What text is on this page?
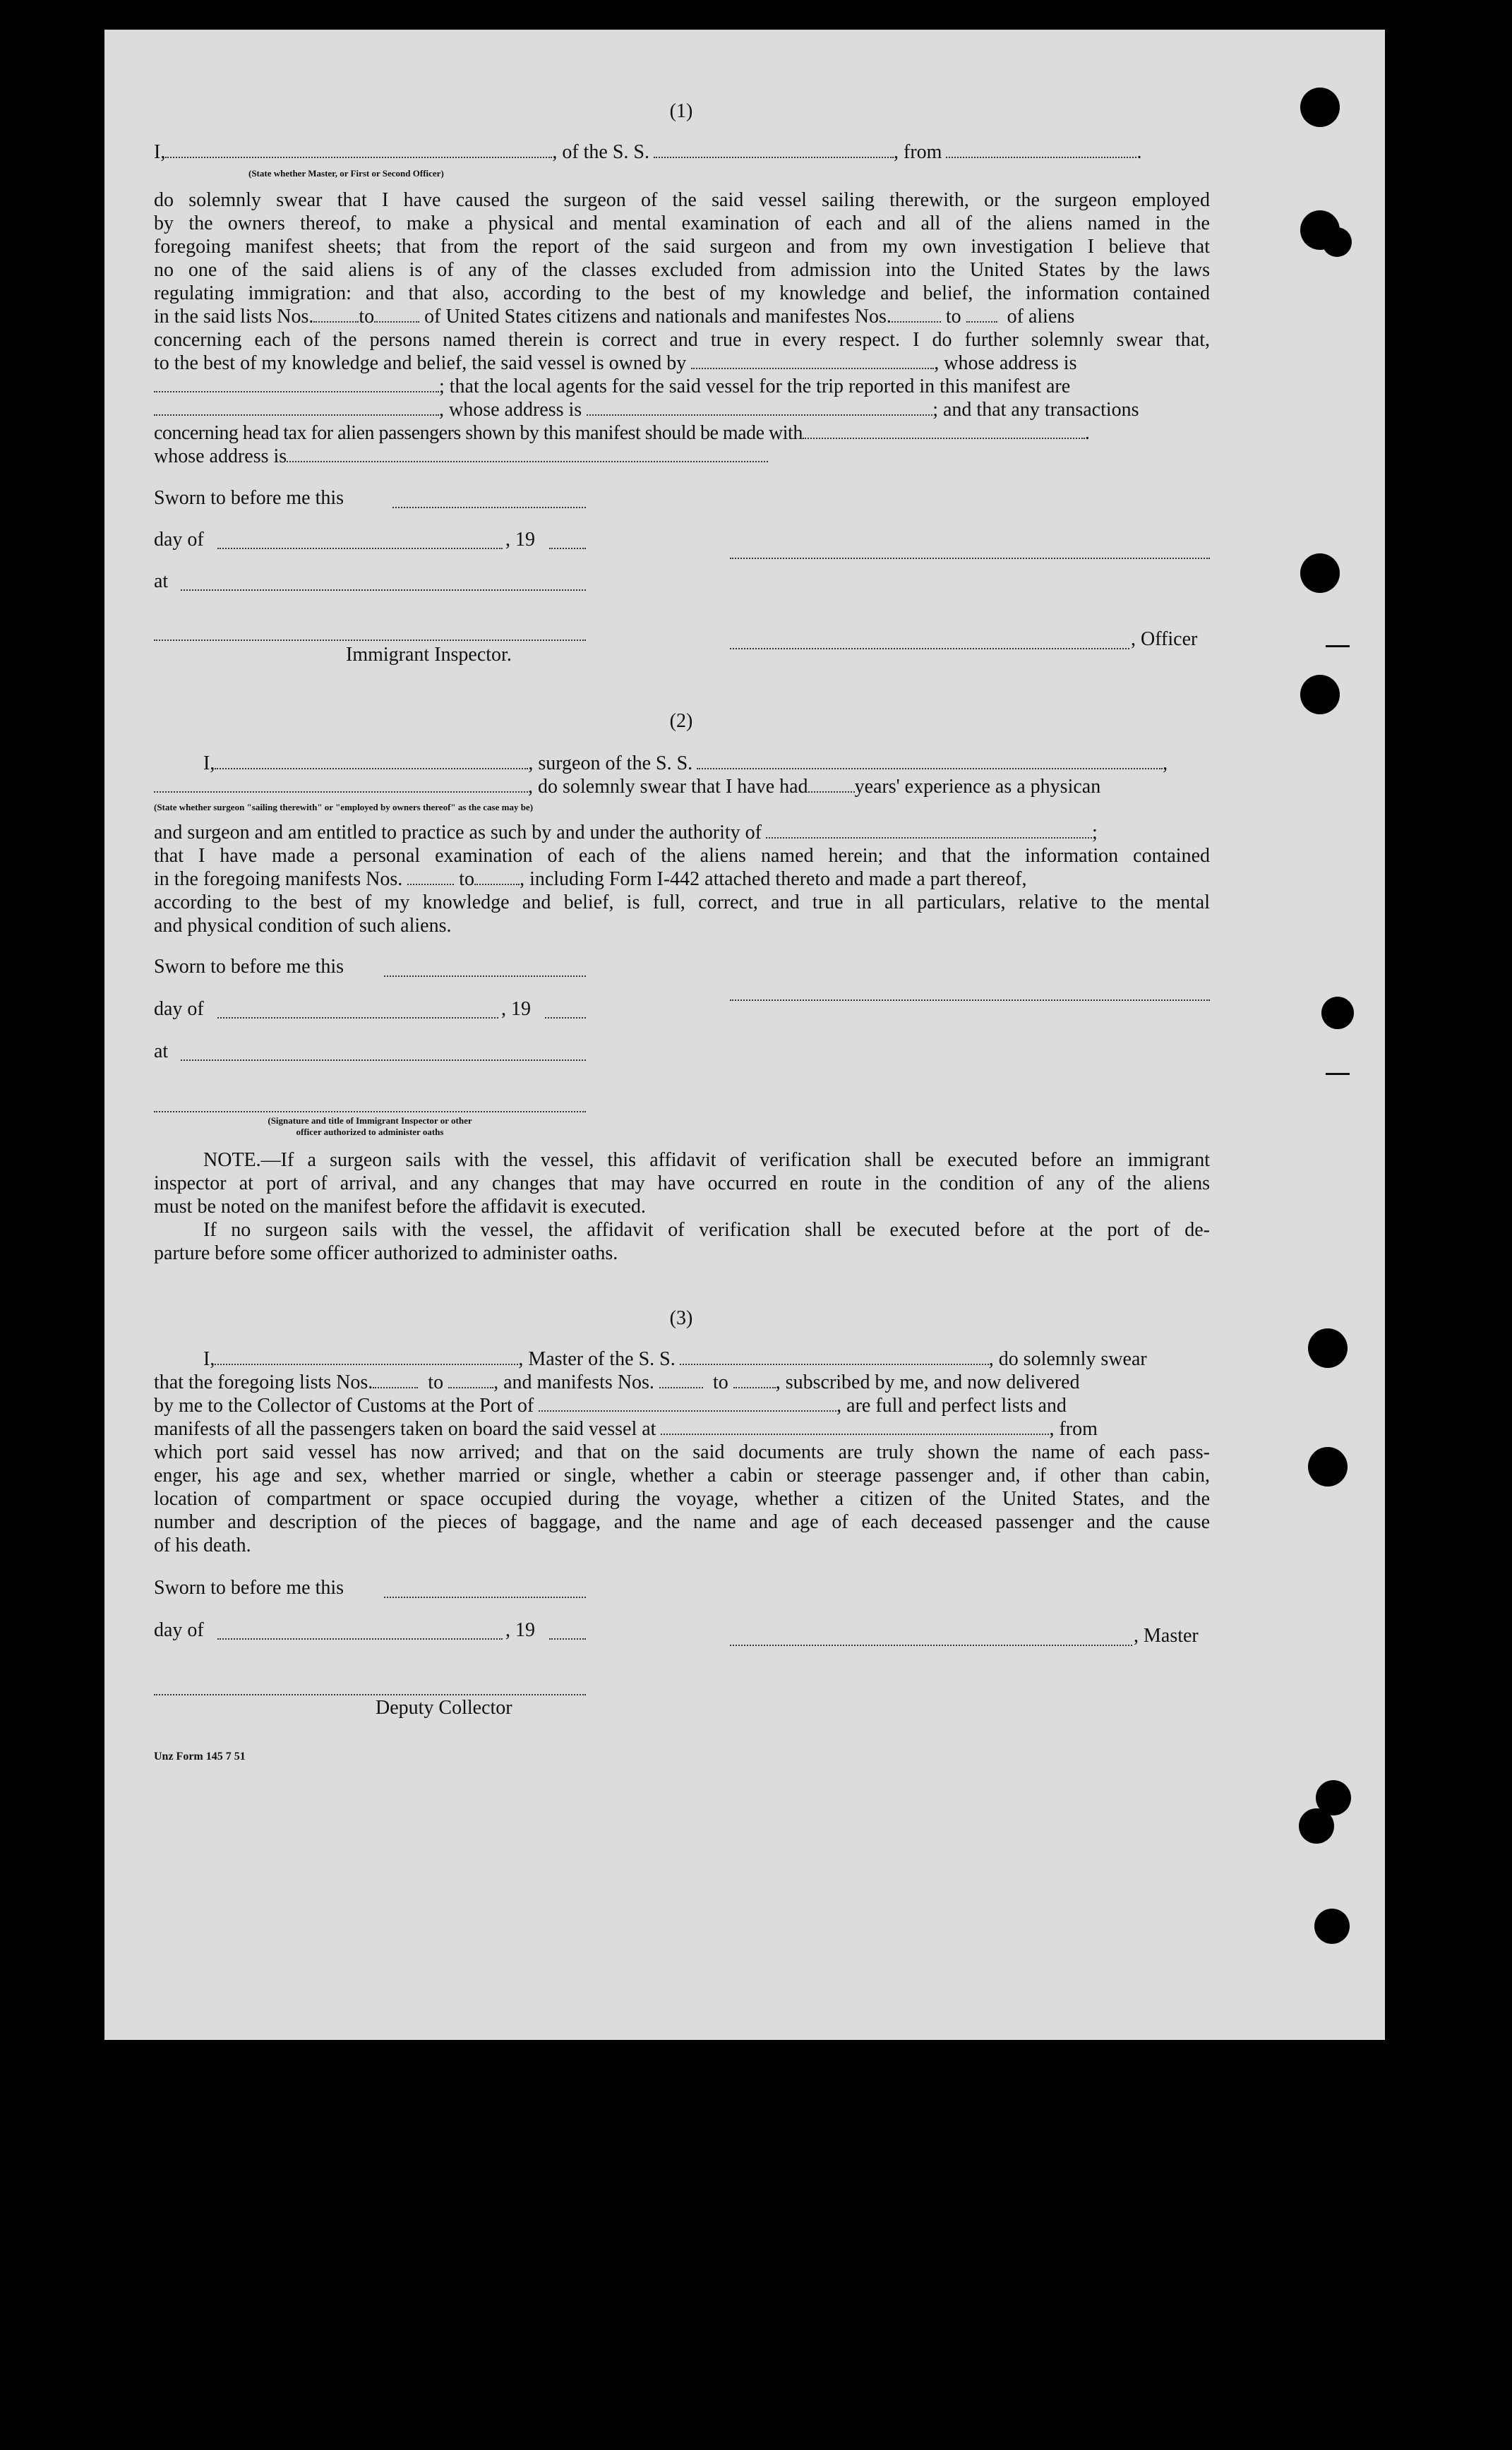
(1)
I,	, of the S. S.	, from	.
(State whether Master, or First or Second Officer)
do solemnly swear that I have caused the surgeon of the said vessel sailing therewith, or the surgeon employed
by the owners thereof, to make a physical and mental examination of each and all of the aliens named in the
foregoing manifest sheets; that from the report of the said surgeon and from my own investigation I believe that
no one of the said aliens is of any of the classes excluded from admission into the United States by the laws
regulating immigration: and that also, according to the best of my knowledge and belief, the information contained
in the said lists Nos. to	of United States citizens and nationals and manifestes Nos.	to of aliens
concerning each of the persons named therein is correct and true in every respect. I do further solemnly swear that,
to the best of my knowledge and belief, the said vessel is owned by	, whose address is
; that the local agents for the said vessel for the trip reported in this manifest are
, whose address is	; and that any transactions
concerning head tax for alien passengers shown by this manifest should be made with	.
whose address is
Sworn to before me this
day of	, 19
at
, Officer
Immigrant Inspector.
(2)
I,	, surgeon of the S. S.	,
, do solemnly swear that I have had years' experience as a physican
(State whether surgeon "sailing therewith" or "employed by owners thereof" as the case may be)
and surgeon and am entitled to practice as such by and under the authority of	;
that I have made a personal examination of each of the aliens named herein; and that the information contained
in the foregoing manifests Nos.	to , including Form I-442 attached thereto and made a part thereof,
according to the best of my knowledge and belief, is full, correct, and true in all particulars, relative to the mental
and physical condition of such aliens.
Sworn to before me this
day of	, 19
at
(Signature and title of Immigrant Inspector or other
officer authorized to administer oaths
NOTE.—If a surgeon sails with the vessel, this affidavit of verification shall be executed before an immigrant
inspector at port of arrival, and any changes that may have occurred en route in the condition of any of the aliens
must be noted on the manifest before the affidavit is executed.
If no surgeon sails with the vessel, the affidavit of verification shall be executed before at the port of de-
parture before some officer authorized to administer oaths.
(3)
I,	, Master of the S. S.	, do solemnly swear
that the foregoing lists Nos.	to	, and manifests Nos.	to , subscribed by me, and now delivered
by me to the Collector of Customs at the Port of	, are full and perfect lists and
manifests of all the passengers taken on board the said vessel at	, from
which port said vessel has now arrived; and that on the said documents are truly shown the name of each pass-
enger, his age and sex, whether married or single, whether a cabin or steerage passenger and, if other than cabin,
location of compartment or space occupied during the voyage, whether a citizen of the United States, and the
number and description of the pieces of baggage, and the name and age of each deceased passenger and the cause
of his death.
Sworn to before me this
day of	, 19	, Master
Deputy Collector
Unz Form 145 7 51
